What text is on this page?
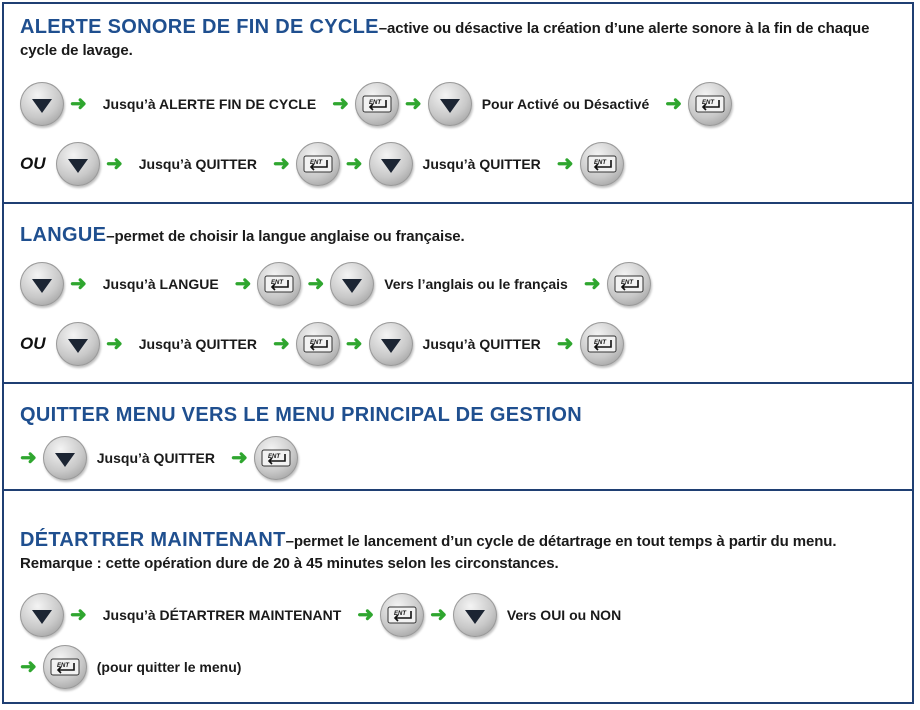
ALERTE SONORE DE FIN DE CYCLE–active ou désactive la création d’une alerte sonore à la fin de chaque cycle de lavage.
➜ Jusqu’à ALERTE FIN DE CYCLE ➜	ENT ➜	Pour Activé ou Désactivé ➜	ENT
OU	➜ Jusqu’à QUITTER ➜	ENT ➜	Jusqu’à QUITTER ➜	ENT
LANGUE–permet de choisir la langue anglaise ou française.
➜ Jusqu’à LANGUE ➜	ENT ➜	Vers l’anglais ou le français ➜	ENT
OU	➜ Jusqu’à QUITTER ➜	ENT ➜	Jusqu’à QUITTER ➜	ENT
QUITTER MENU VERS LE MENU PRINCIPAL DE GESTION
➜	Jusqu’à QUITTER ➜	ENT
DÉTARTRER MAINTENANT–permet le lancement d’un cycle de détartrage en tout temps à partir du menu. Remarque : cette opération dure de 20 à 45 minutes selon les circonstances.
➜ Jusqu’à DÉTARTRER MAINTENANT ➜	ENT ➜	Vers OUI ou NON
➜	ENT (pour quitter le menu)
